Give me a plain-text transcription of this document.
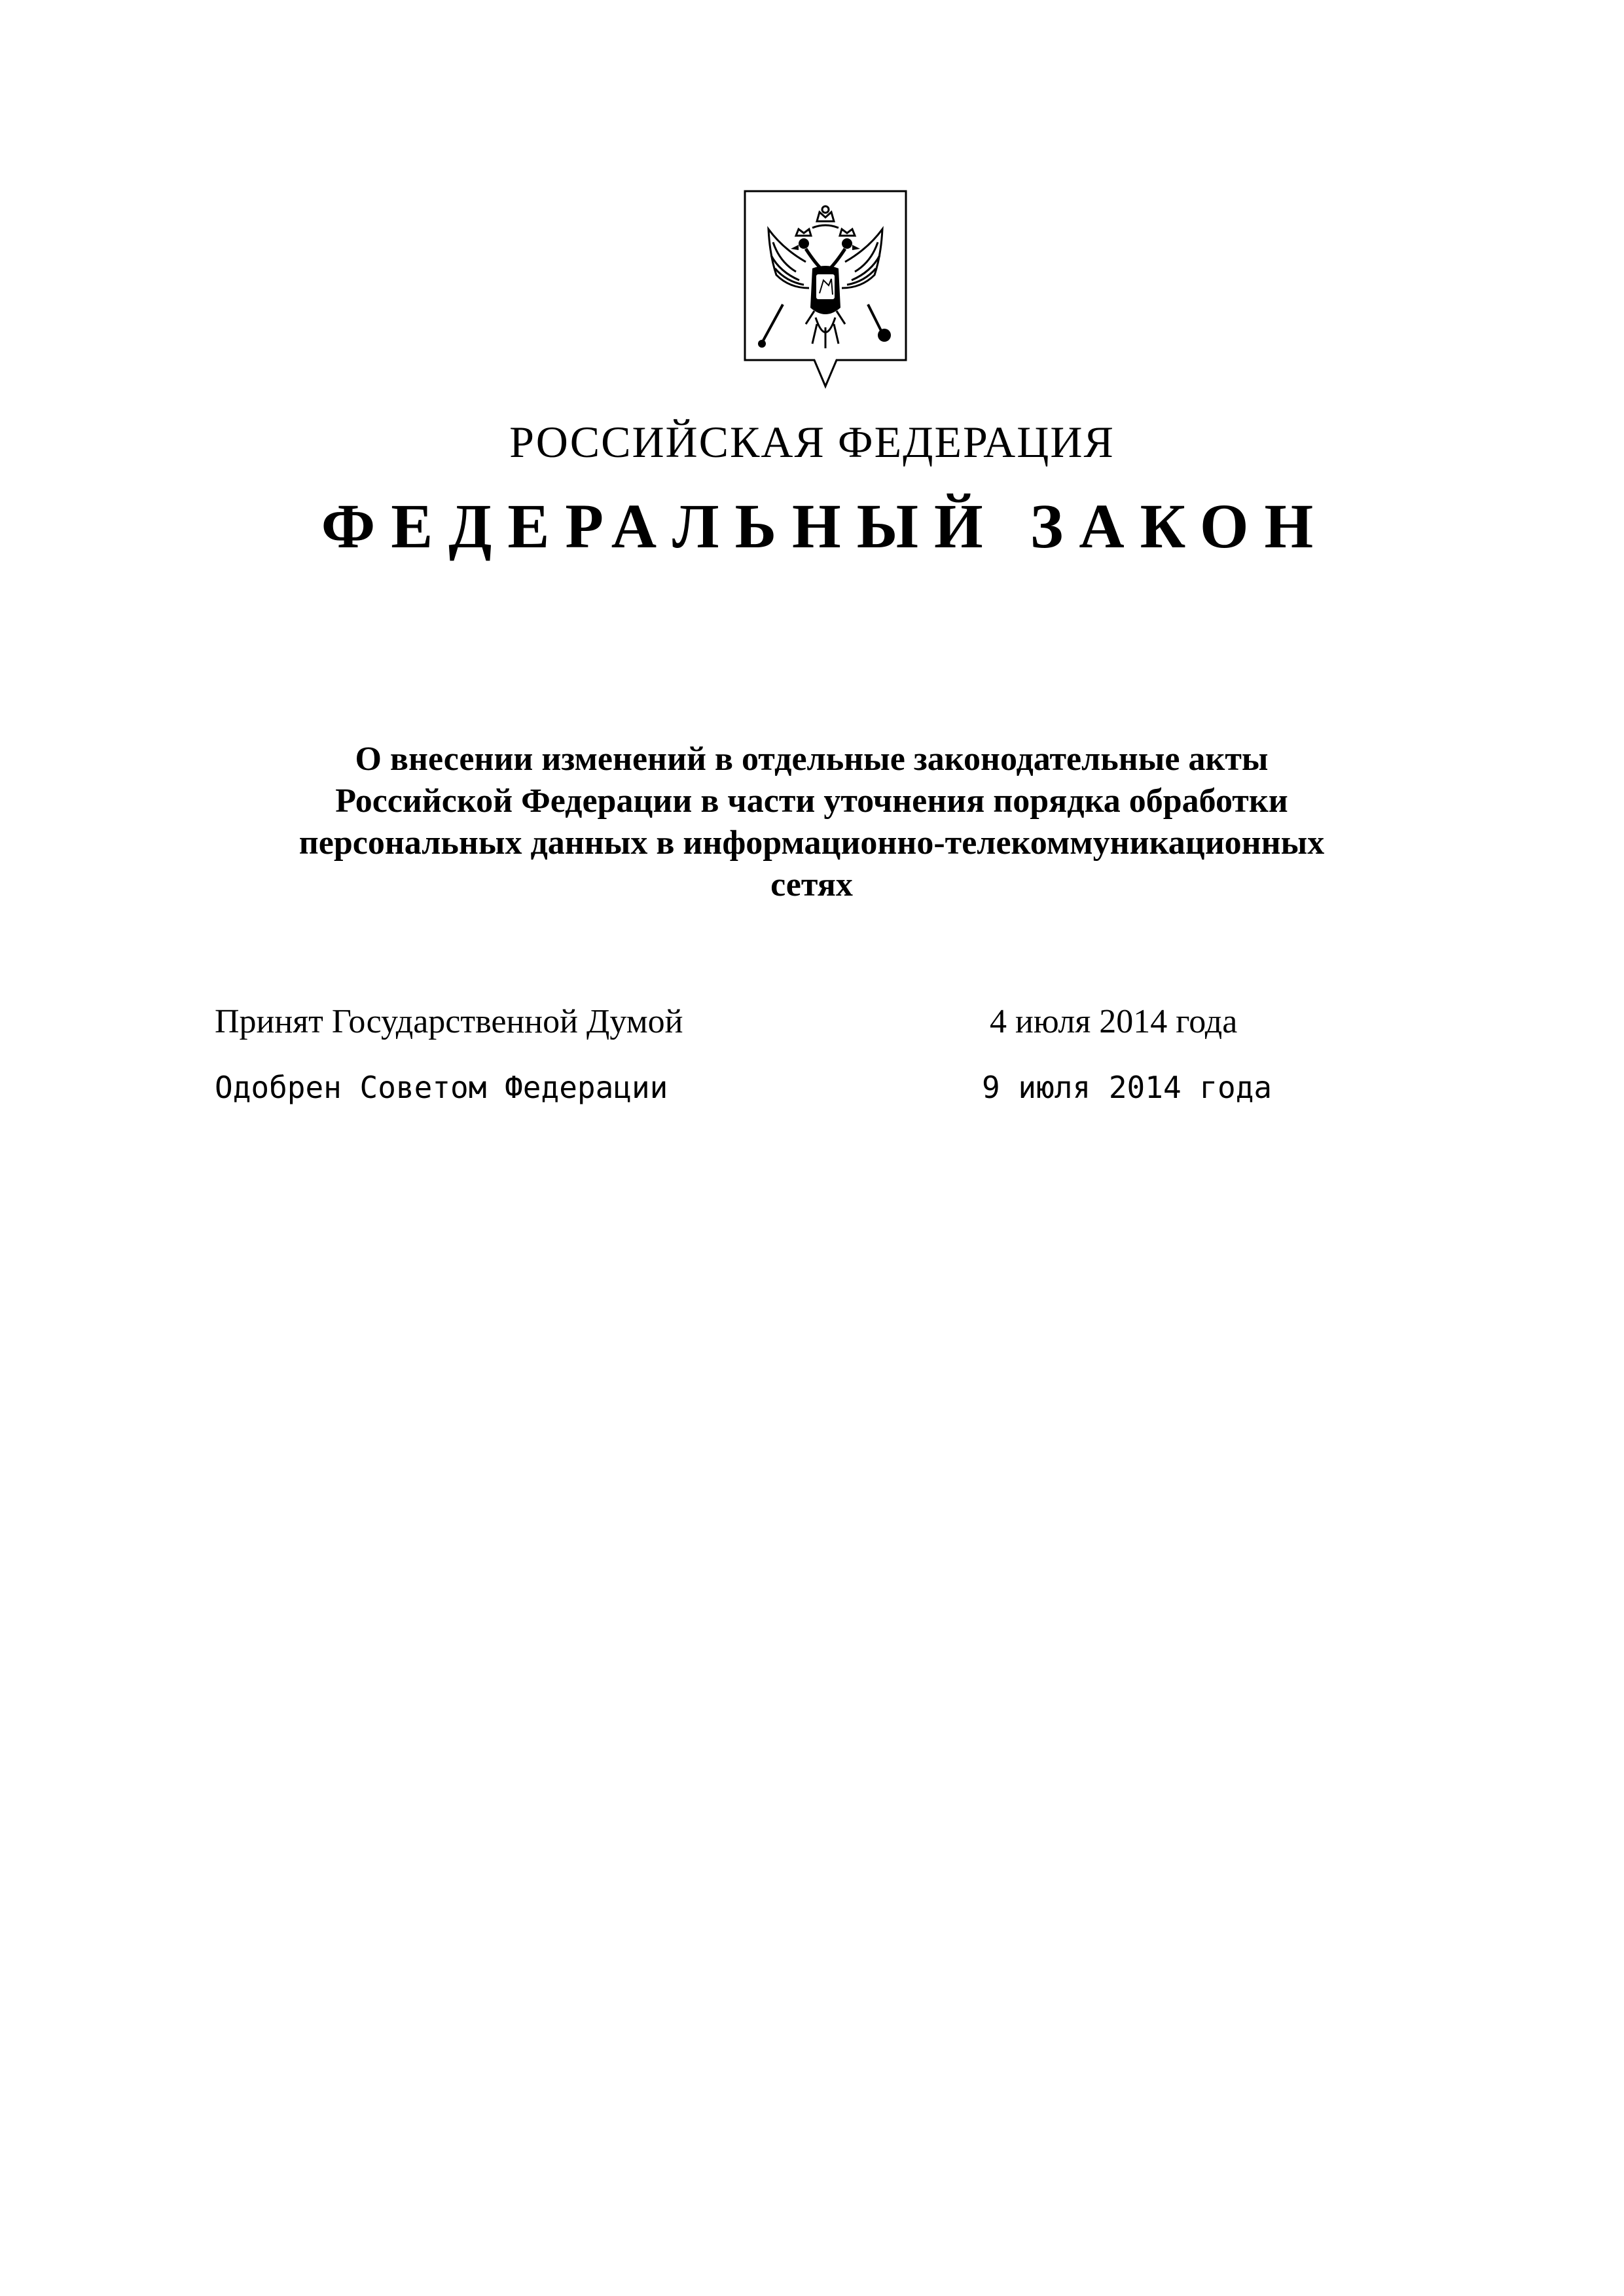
РОССИЙСКАЯ ФЕДЕРАЦИЯ
ФЕДЕРАЛЬНЫЙ ЗАКОН
О внесении изменений в отдельные законодательные акты
Российской Федерации в части уточнения порядка обработки
персональных данных в информационно-телекоммуникационных
сетях
Принят Государственной Думой	4 июля 2014 года
Одобрен Советом Федерации	9 июля 2014 года
